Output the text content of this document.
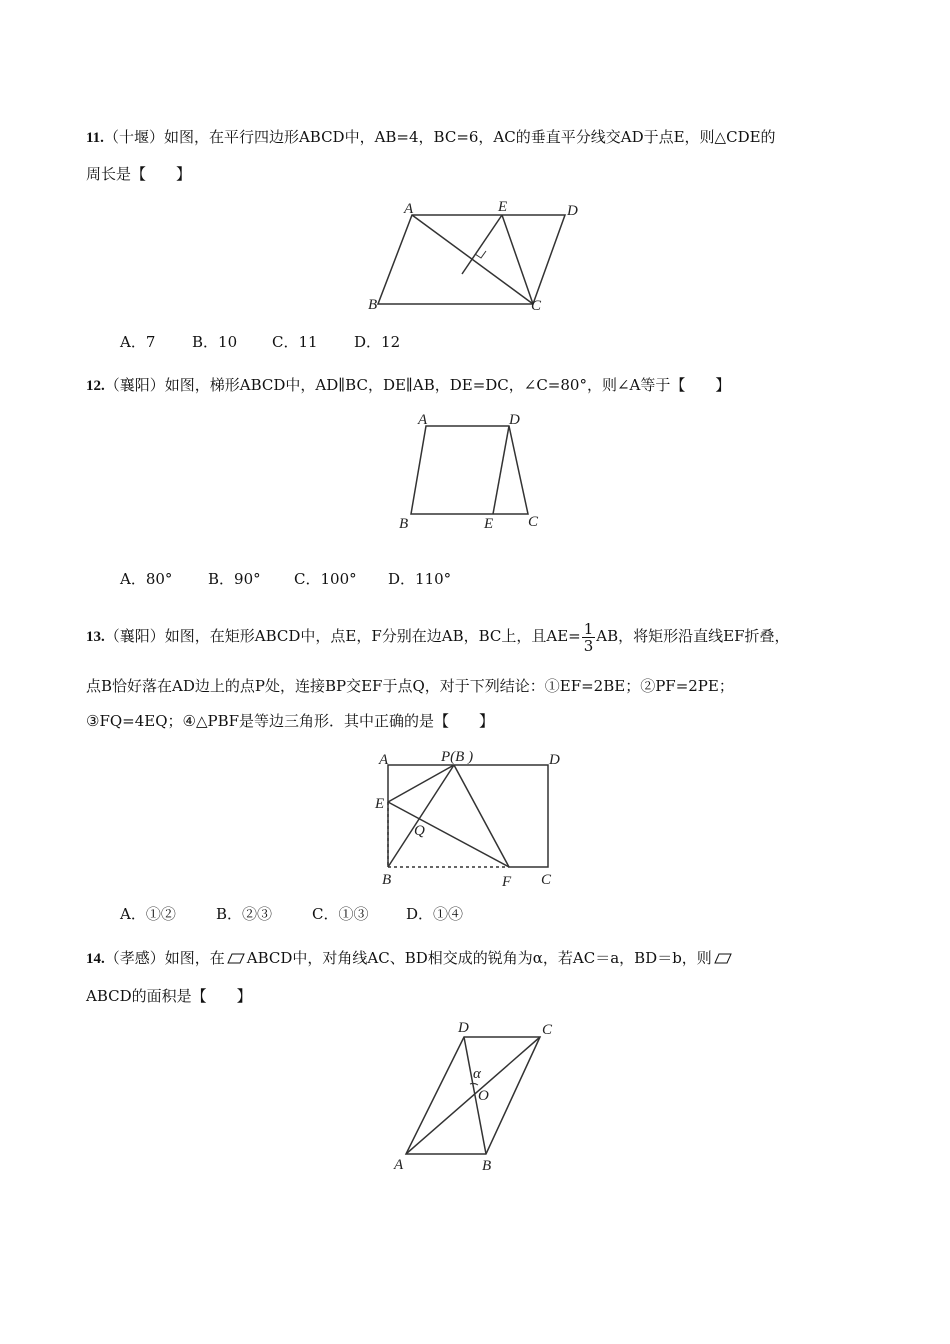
11.（十堰）如图，在平行四边形ABCD中，AB=4，BC=6，AC的垂直平分线交AD于点E，则△CDE的
周长是【　　】
A	E	D
B	C
A．7 B．10 C．11 D．12
12.（襄阳）如图，梯形ABCD中，AD∥BC，DE∥AB，DE=DC，∠C=80°，则∠A等于【　　】
A	D
B	E C
A．80° B．90° C．100° D．110°
13.（襄阳）如图，在矩形ABCD中，点E，F分别在边AB，BC上，且$AE= \frac{1}{3}$ AB，将矩形沿直线EF折叠，
点B恰好落在AD边上的点P处，连接BP交EF于点Q，对于下列结论：①EF=2BE；②PF=2PE；
③FQ=4EQ；④△PBF是等边三角形．其中正确的是【　　】
A	P(B )	D
E
Q
B	F C
A．①②	B．②③	C．①③	D．①④
14.（孝感）如图，在 ABCD中，对角线AC、BD相交成的锐角为α，若AC＝a，BD＝b，则
ABCD的面积是【　　】
D	C
α
O
A	B
